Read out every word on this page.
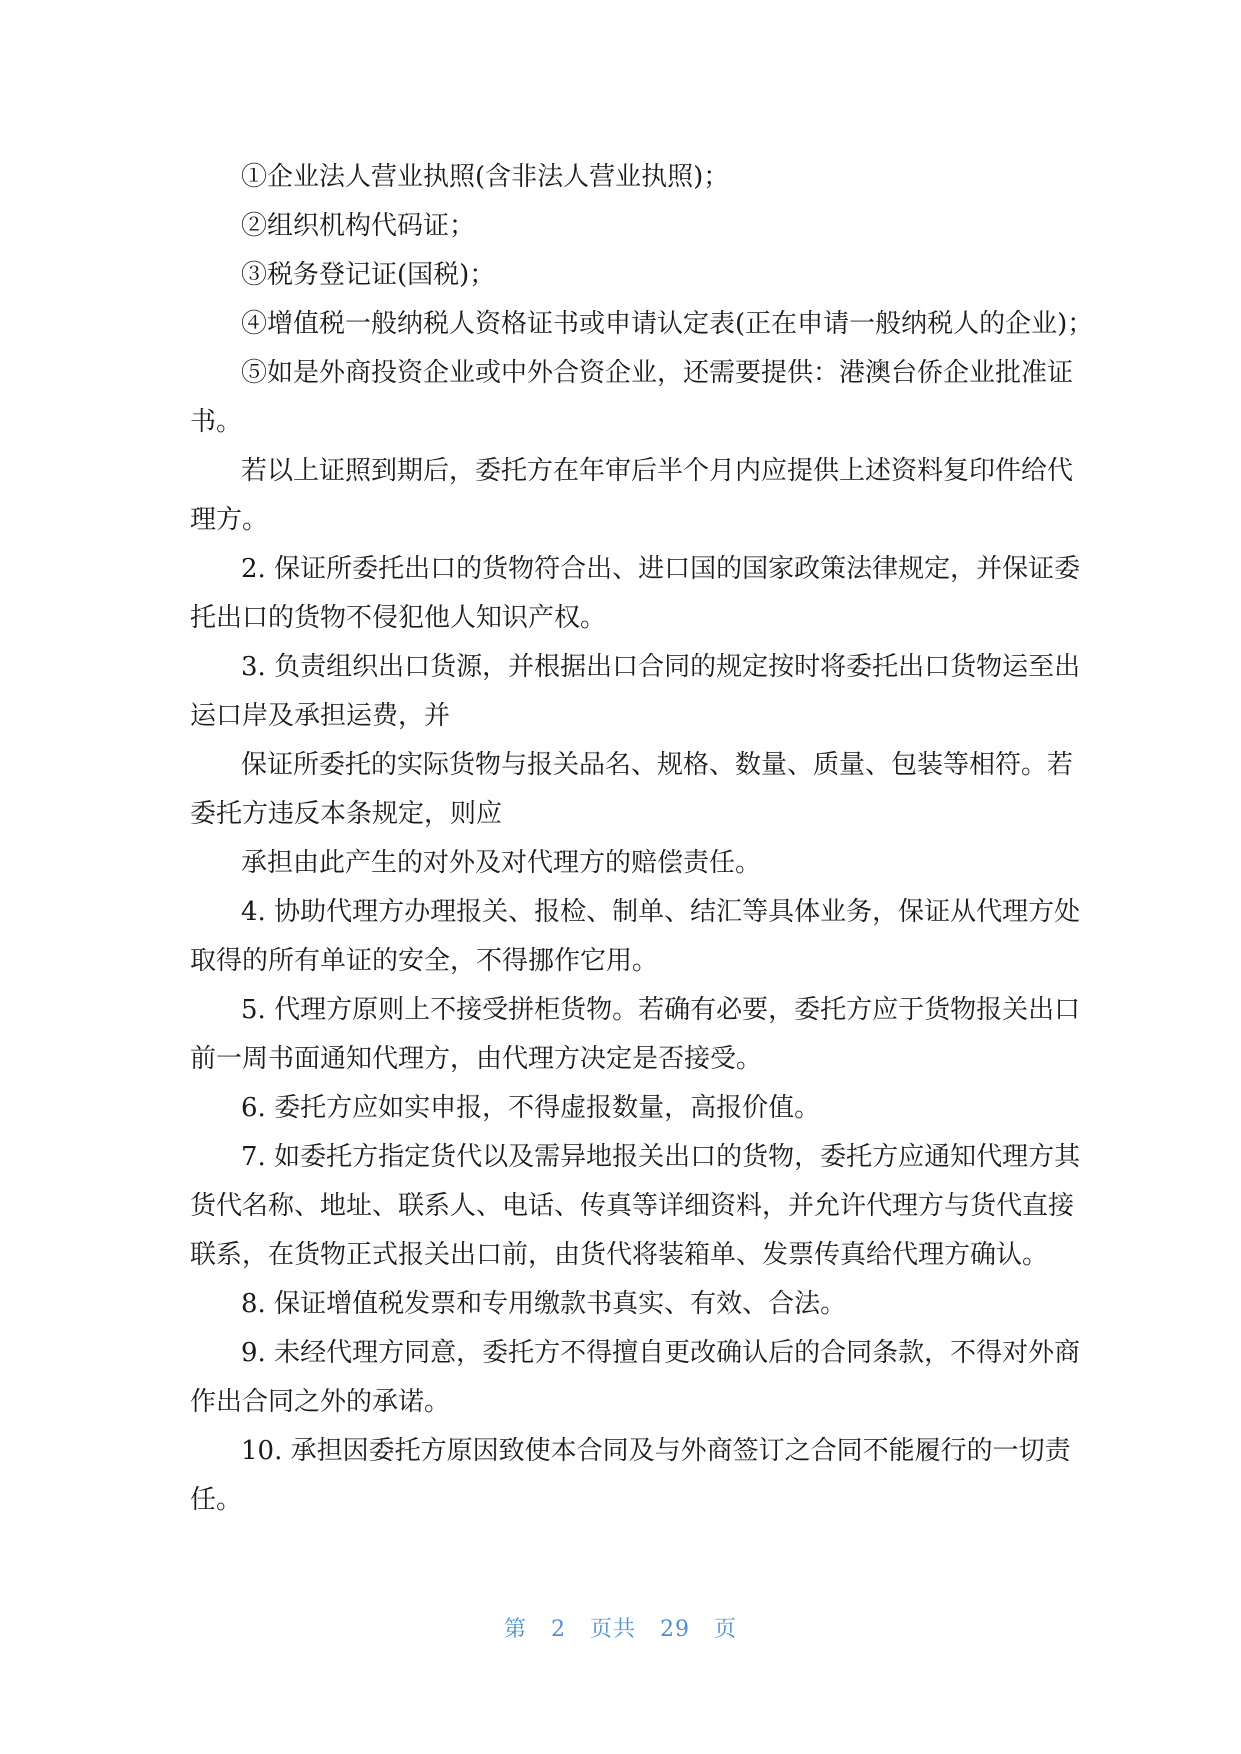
①企业法人营业执照(含非法人营业执照)；

②组织机构代码证；

③税务登记证(国税)；

④增值税一般纳税人资格证书或申请认定表(正在申请一般纳税人的企业)；

⑤如是外商投资企业或中外合资企业，还需要提供：港澳台侨企业批准证

书。

若以上证照到期后，委托方在年审后半个月内应提供上述资料复印件给代

理方。

2. 保证所委托出口的货物符合出、进口国的国家政策法律规定，并保证委

托出口的货物不侵犯他人知识产权。

3. 负责组织出口货源，并根据出口合同的规定按时将委托出口货物运至出

运口岸及承担运费，并

保证所委托的实际货物与报关品名、规格、数量、质量、包装等相符。若

委托方违反本条规定，则应

承担由此产生的对外及对代理方的赔偿责任。

4. 协助代理方办理报关、报检、制单、结汇等具体业务，保证从代理方处

取得的所有单证的安全，不得挪作它用。

5. 代理方原则上不接受拼柜货物。若确有必要，委托方应于货物报关出口

前一周书面通知代理方，由代理方决定是否接受。

6. 委托方应如实申报，不得虚报数量，高报价值。

7. 如委托方指定货代以及需异地报关出口的货物，委托方应通知代理方其

货代名称、地址、联系人、电话、传真等详细资料，并允许代理方与货代直接

联系，在货物正式报关出口前，由货代将装箱单、发票传真给代理方确认。

8. 保证增值税发票和专用缴款书真实、有效、合法。

9. 未经代理方同意，委托方不得擅自更改确认后的合同条款，不得对外商

作出合同之外的承诺。

10. 承担因委托方原因致使本合同及与外商签订之合同不能履行的一切责

任。

第 2 页共 29 页
